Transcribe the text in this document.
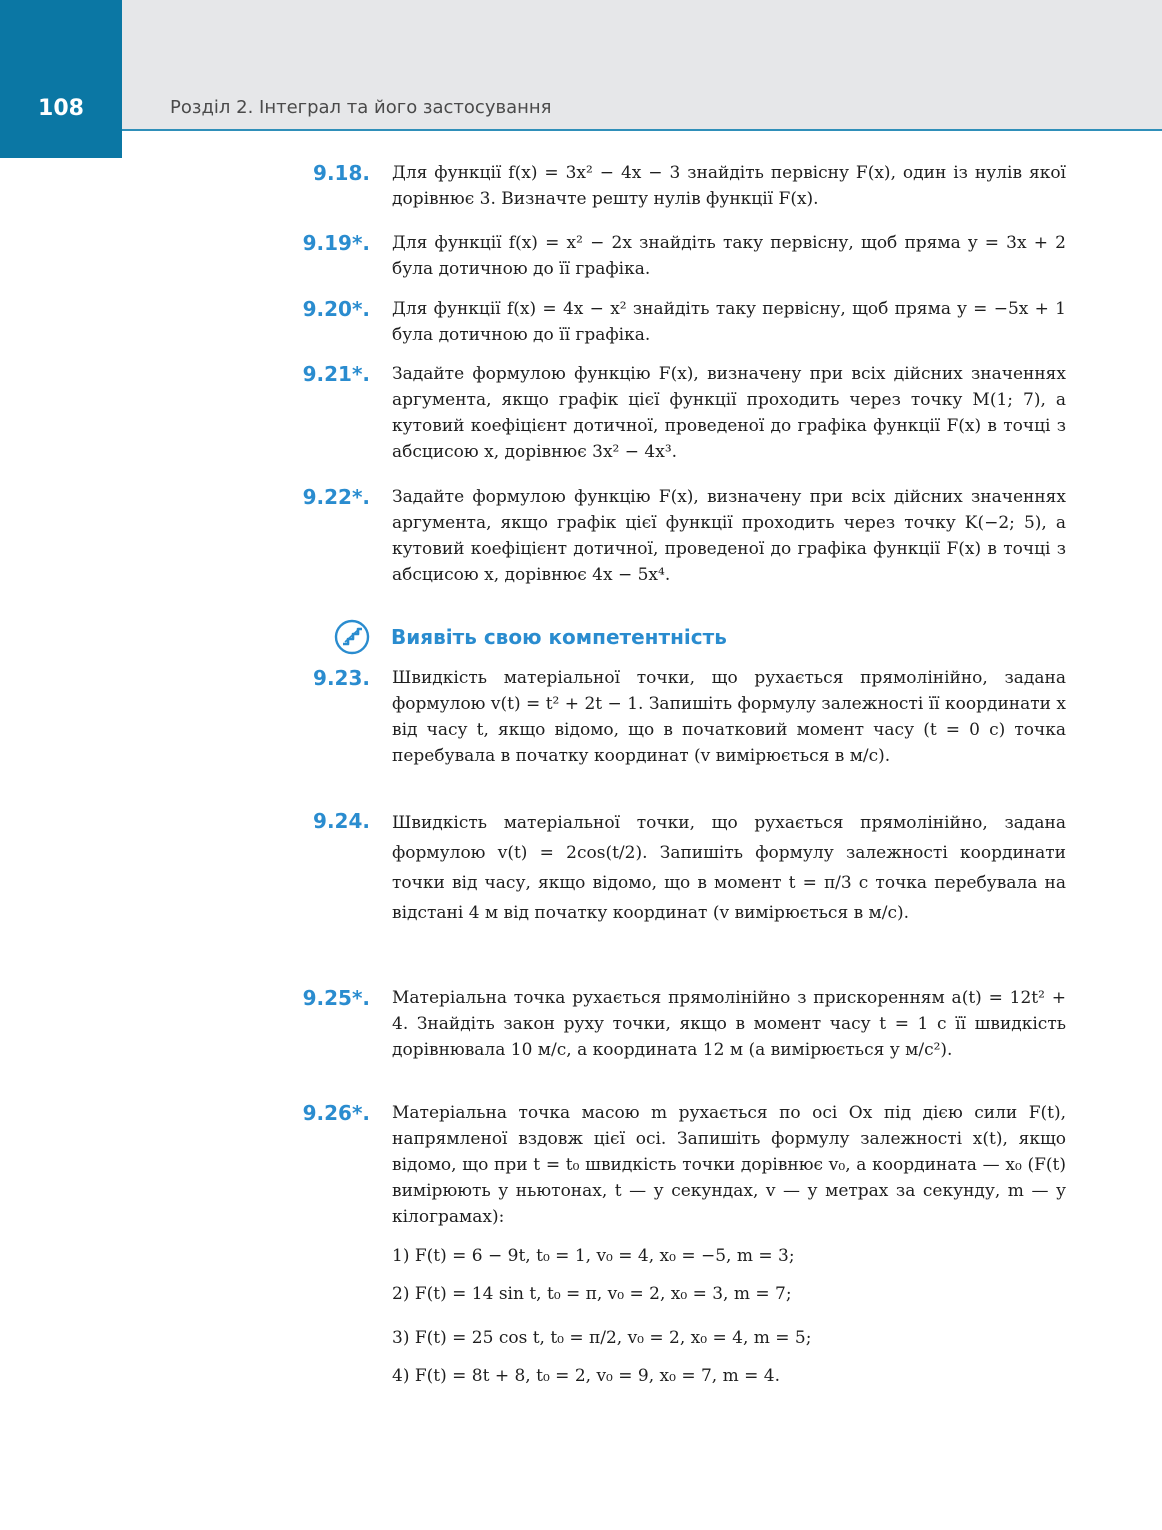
108	Розділ 2. Інтеграл та його застосування
9.18. Для функції f(x) = 3x² − 4x − 3 знайдіть первісну F(x), один із нулів якої дорівнює 3. Визначте решту нулів функції F(x).
9.19*. Для функції f(x) = x² − 2x знайдіть таку первісну, щоб пряма y = 3x + 2 була дотичною до її графіка.
9.20*. Для функції f(x) = 4x − x² знайдіть таку первісну, щоб пряма y = −5x + 1 була дотичною до її графіка.
9.21*. Задайте формулою функцію F(x), визначену при всіх дійсних значеннях аргумента, якщо графік цієї функції проходить через точку M(1; 7), а кутовий коефіцієнт дотичної, проведеної до графіка функції F(x) в точці з абсцисою x, дорівнює 3x² − 4x³.
9.22*. Задайте формулою функцію F(x), визначену при всіх дійсних значеннях аргумента, якщо графік цієї функції проходить через точку K(−2; 5), а кутовий коефіцієнт дотичної, проведеної до графіка функції F(x) в точці з абсцисою x, дорівнює 4x − 5x⁴.
Виявіть свою компетентність
9.23. Швидкість матеріальної точки, що рухається прямолінійно, задана формулою v(t) = t² + 2t − 1. Запишіть формулу залежності її координати x від часу t, якщо відомо, що в початковий момент часу (t = 0 с) точка перебувала в початку координат (v вимірюється в м/с).
9.24. Швидкість матеріальної точки, що рухається прямолінійно, задана формулою v(t) = 2cos(t/2). Запишіть формулу залежності координати точки від часу, якщо відомо, що в момент t = π/3 с точка перебувала на відстані 4 м від початку координат (v вимірюється в м/с).
9.25*. Матеріальна точка рухається прямолінійно з прискоренням a(t) = 12t² + 4. Знайдіть закон руху точки, якщо в момент часу t = 1 с її швидкість дорівнювала 10 м/с, а координата 12 м (a вимірюється у м/с²).
9.26*. Матеріальна точка масою m рухається по осі Ox під дією сили F(t), напрямленої вздовж цієї осі. Запишіть формулу залежності x(t), якщо відомо, що при t = t₀ швидкість точки дорівнює v₀, а координата — x₀ (F(t) вимірюють у ньютонах, t — у секундах, v — у метрах за секунду, m — у кілограмах):
1) F(t) = 6 − 9t, t₀ = 1, v₀ = 4, x₀ = −5, m = 3;
2) F(t) = 14 sin t, t₀ = π, v₀ = 2, x₀ = 3, m = 7;
3) F(t) = 25 cos t, t₀ = π/2, v₀ = 2, x₀ = 4, m = 5;
4) F(t) = 8t + 8, t₀ = 2, v₀ = 9, x₀ = 7, m = 4.
